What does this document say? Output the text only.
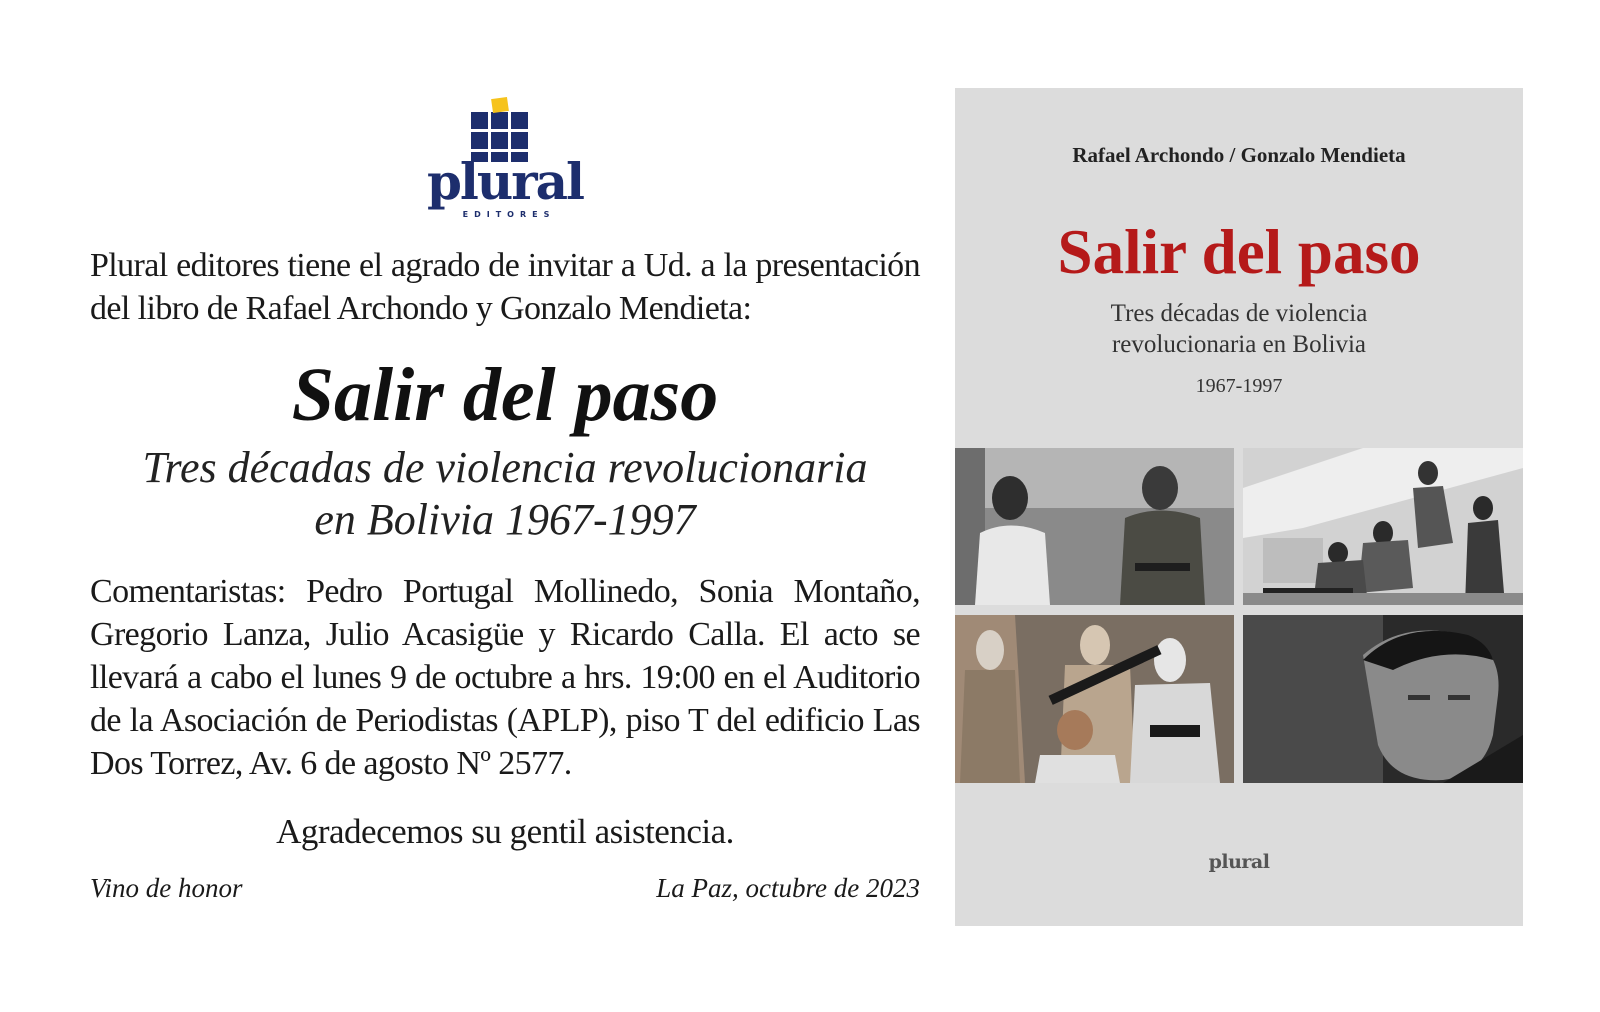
plural
EDITORES
Plural editores tiene el agrado de invitar a Ud. a la presentación del libro de Rafael Archondo y Gonzalo Mendieta:
Salir del paso
Tres décadas de violencia revolucionaria
en Bolivia 1967-1997
Comentaristas: Pedro Portugal Mollinedo, Sonia Montaño, Gregorio Lanza, Julio Acasigüe y Ricardo Calla. El acto se llevará a cabo el lunes 9 de octubre a hrs. 19:00 en el Auditorio de la Asociación de Periodistas (APLP), piso T del edificio Las Dos Torrez, Av. 6 de agosto Nº 2577.
Agradecemos su gentil asistencia.
Vino de honor	La Paz, octubre de 2023
Rafael Archondo / Gonzalo Mendieta
Salir del paso
Tres décadas de violencia
revolucionaria en Bolivia
1967-1997
plural
